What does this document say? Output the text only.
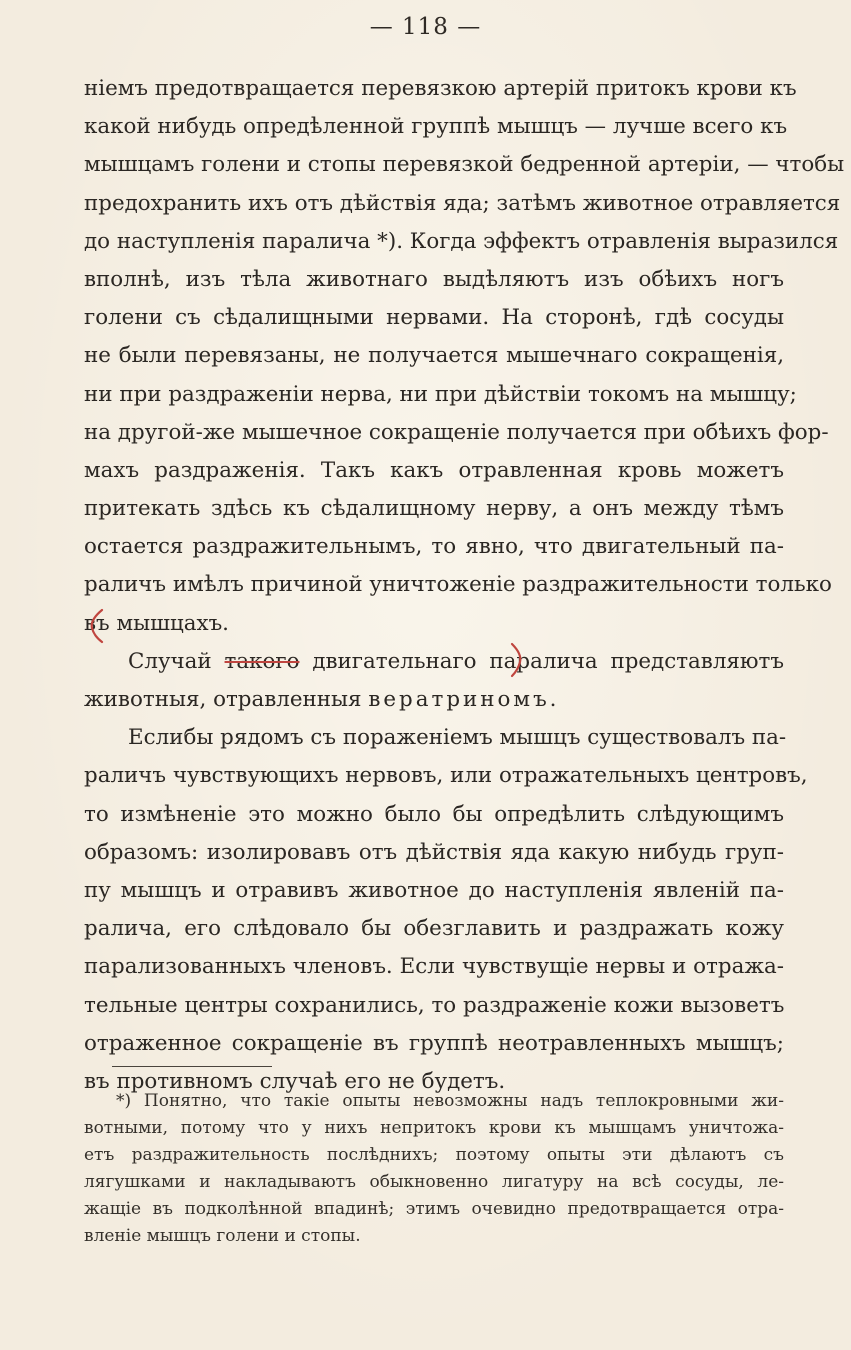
— 118 —
ніемъ предотвращается перевязкою артерій притокъ крови къ
какой нибудь опредѣленной группѣ мышцъ — лучше всего къ
мышцамъ голени и стопы перевязкой бедренной артеріи, — чтобы
предохранить ихъ отъ дѣйствія яда; затѣмъ животное отравляется
до наступленія паралича *). Когда эффектъ отравленія выразился
вполнѣ, изъ тѣла животнаго выдѣляютъ изъ обѣихъ ногъ
голени съ сѣдалищными нервами. На сторонѣ, гдѣ сосуды
не были перевязаны, не получается мышечнаго сокращенія,
ни при раздраженіи нерва, ни при дѣйствіи токомъ на мышцу;
на другой-же мышечное сокращеніе получается при обѣихъ фор-
махъ раздраженія. Такъ какъ отравленная кровь можетъ
притекать здѣсь къ сѣдалищному нерву, а онъ между тѣмъ
остается раздражительнымъ, то явно, что двигательный па-
раличъ имѣлъ причиной уничтоженіе раздражительности только
въ мышцахъ.
Случай такого двигательнаго паралича представляютъ
животныя, отравленныя вератриномъ.
Еслибы рядомъ съ пораженіемъ мышцъ существовалъ па-
раличъ чувствующихъ нервовъ, или отражательныхъ центровъ,
то измѣненіе это можно было бы опредѣлить слѣдующимъ
образомъ: изолировавъ отъ дѣйствія яда какую нибудь груп-
пу мышцъ и отравивъ животное до наступленія явленій па-
ралича, его слѣдовало бы обезглавить и раздражать кожу
парализованныхъ членовъ. Если чувствущіе нервы и отража-
тельные центры сохранились, то раздраженіе кожи вызоветъ
отраженное сокращеніе въ группѣ неотравленныхъ мышцъ;
въ противномъ случаѣ его не будетъ.
*) Понятно, что такіе опыты невозможны надъ теплокровными жи-
вотными, потому что у нихъ непритокъ крови къ мышцамъ уничтожа-
етъ раздражительность послѣднихъ; поэтому опыты эти дѣлаютъ съ
лягушками и накладываютъ обыкновенно лигатуру на всѣ сосуды, ле-
жащіе въ подколѣнной впадинѣ; этимъ очевидно предотвращается отра-
вленіе мышцъ голени и стопы.
